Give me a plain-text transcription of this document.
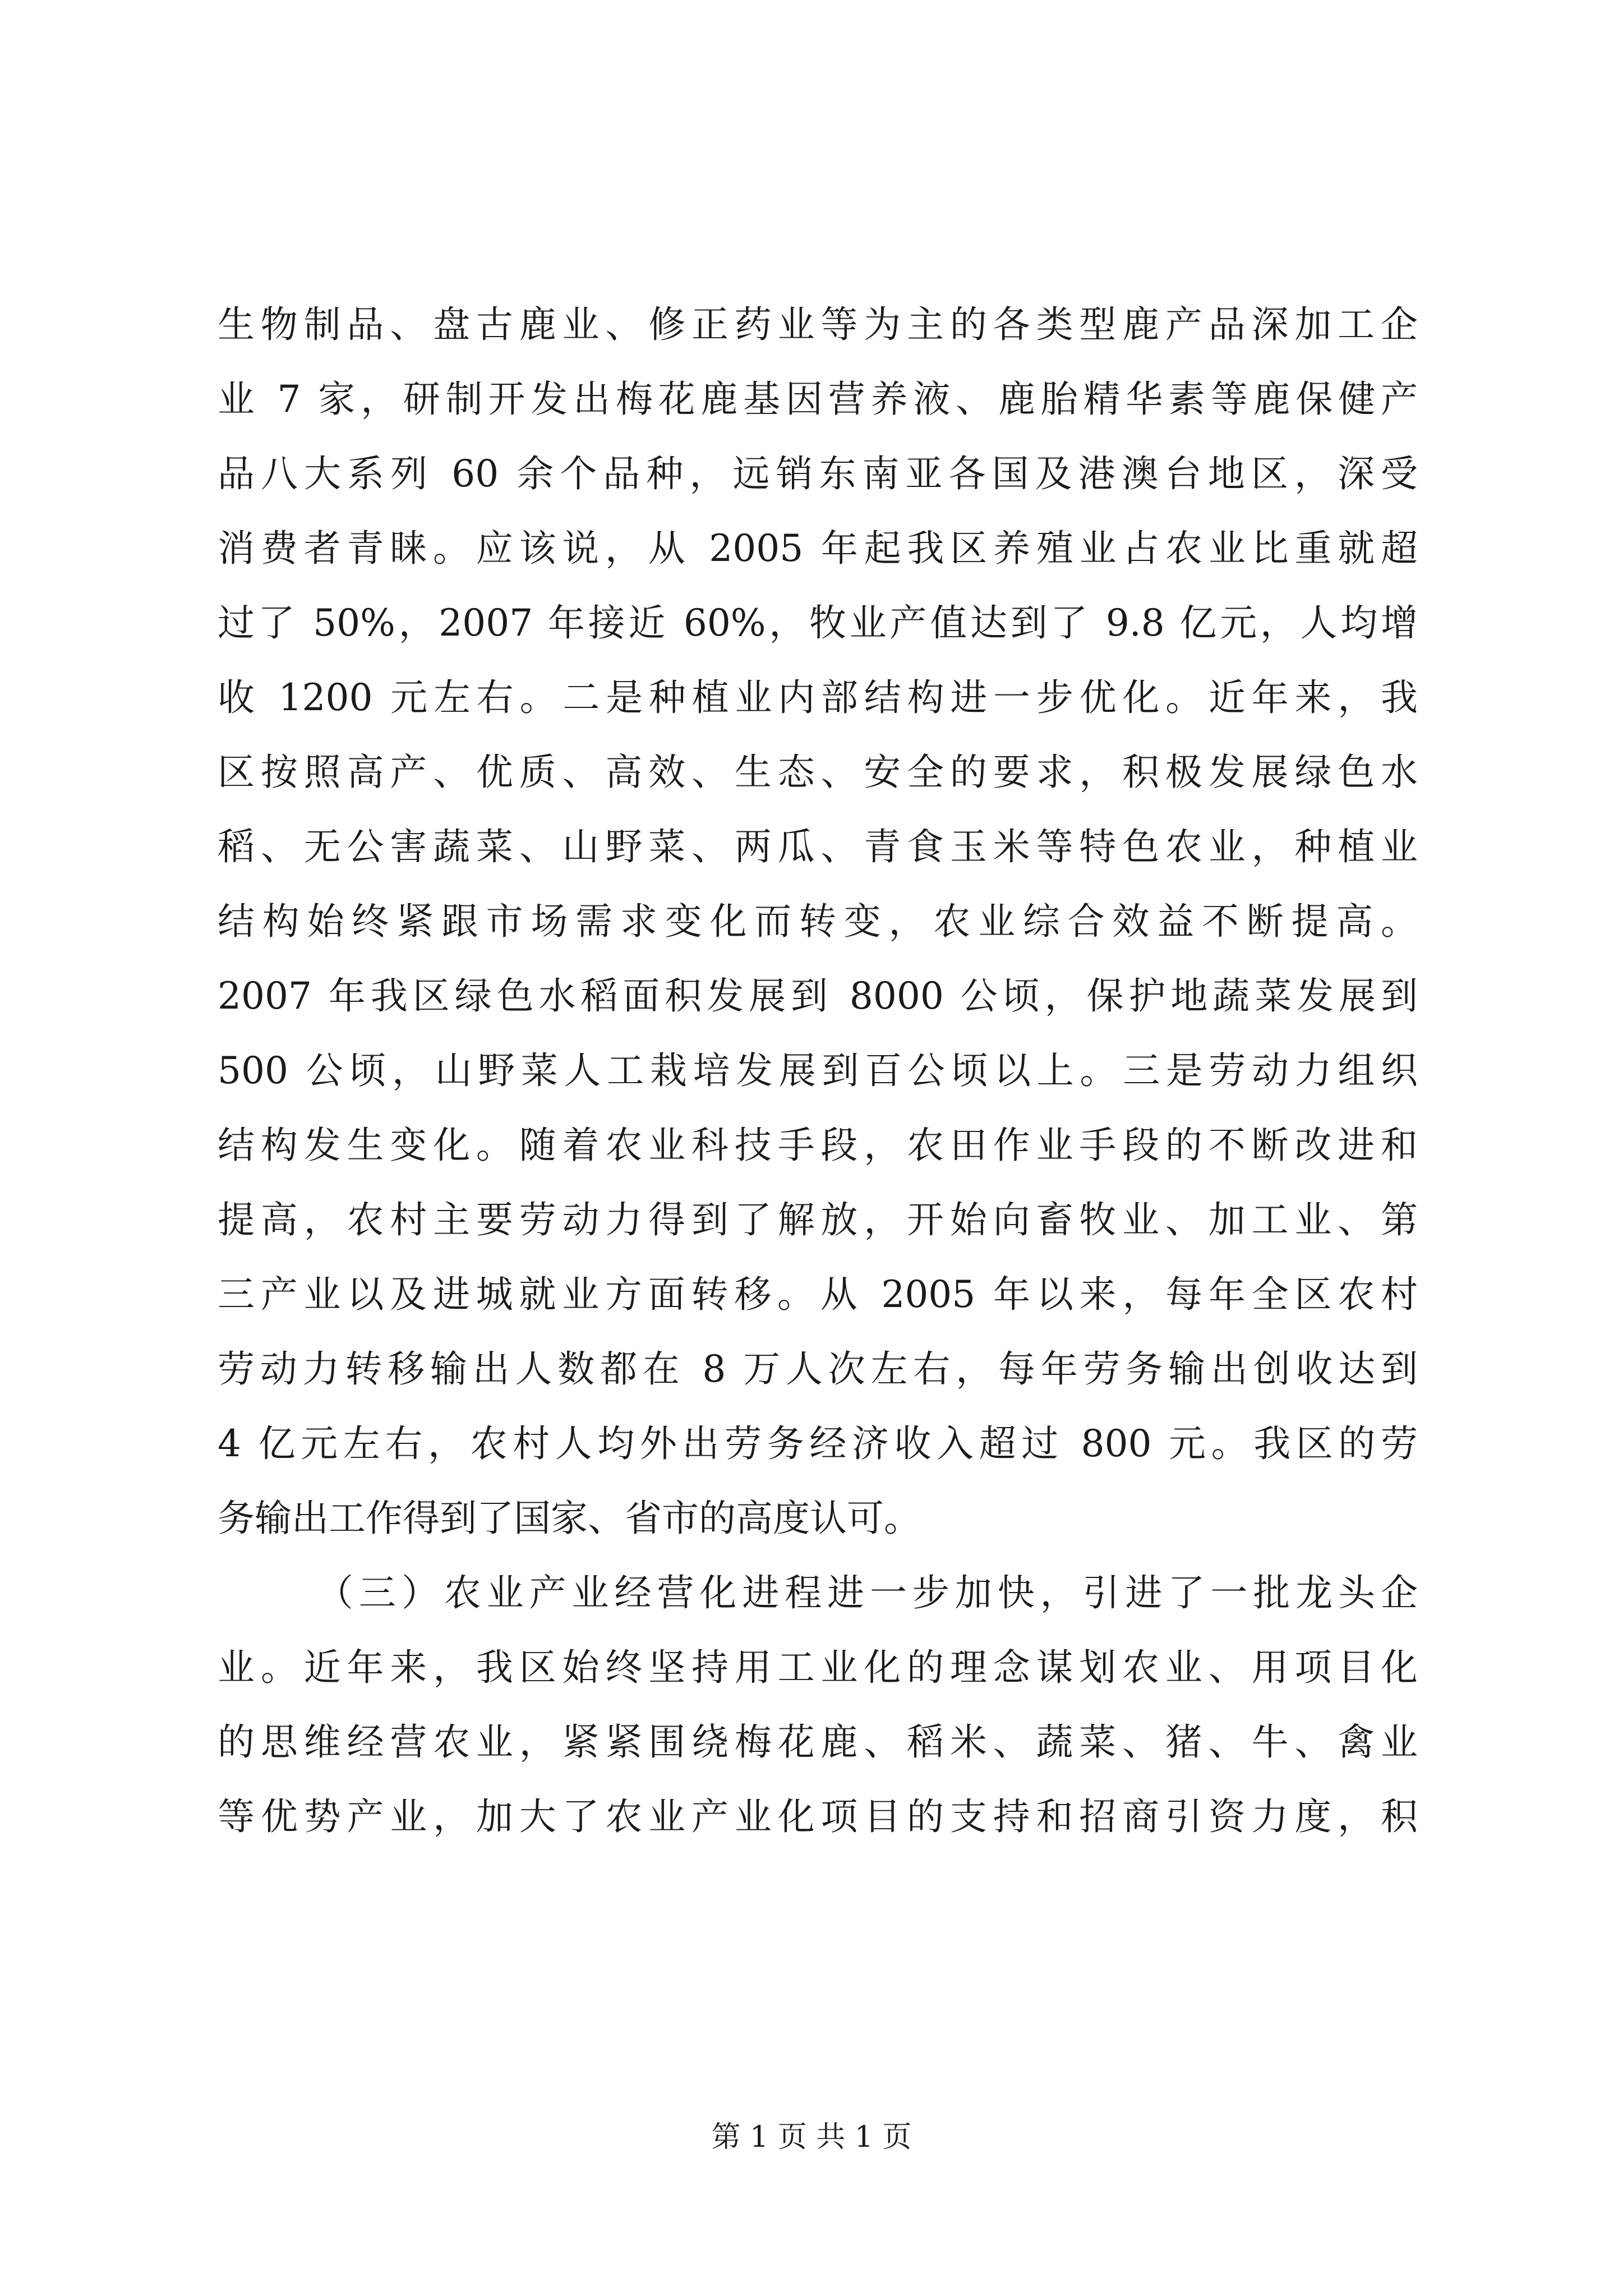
生物制品、盘古鹿业、修正药业等为主的各类型鹿产品深加工企
业 7 家，研制开发出梅花鹿基因营养液、鹿胎精华素等鹿保健产
品八大系列 60 余个品种，远销东南亚各国及港澳台地区，深受
消费者青睐。应该说，从 2005 年起我区养殖业占农业比重就超
过了 50%，2007 年接近 60%，牧业产值达到了 9.8 亿元，人均增
收 1200 元左右。二是种植业内部结构进一步优化。近年来，我
区按照高产、优质、高效、生态、安全的要求，积极发展绿色水
稻、无公害蔬菜、山野菜、两瓜、青食玉米等特色农业，种植业
结构始终紧跟市场需求变化而转变，农业综合效益不断提高。
2007 年我区绿色水稻面积发展到 8000 公顷，保护地蔬菜发展到
500 公顷，山野菜人工栽培发展到百公顷以上。三是劳动力组织
结构发生变化。随着农业科技手段，农田作业手段的不断改进和
提高，农村主要劳动力得到了解放，开始向畜牧业、加工业、第
三产业以及进城就业方面转移。从 2005 年以来，每年全区农村
劳动力转移输出人数都在 8 万人次左右，每年劳务输出创收达到
4 亿元左右，农村人均外出劳务经济收入超过 800 元。我区的劳
务输出工作得到了国家、省市的高度认可。
（三）农业产业经营化进程进一步加快，引进了一批龙头企
业。近年来，我区始终坚持用工业化的理念谋划农业、用项目化
的思维经营农业，紧紧围绕梅花鹿、稻米、蔬菜、猪、牛、禽业
等优势产业，加大了农业产业化项目的支持和招商引资力度，积
第 1 页 共 1 页
